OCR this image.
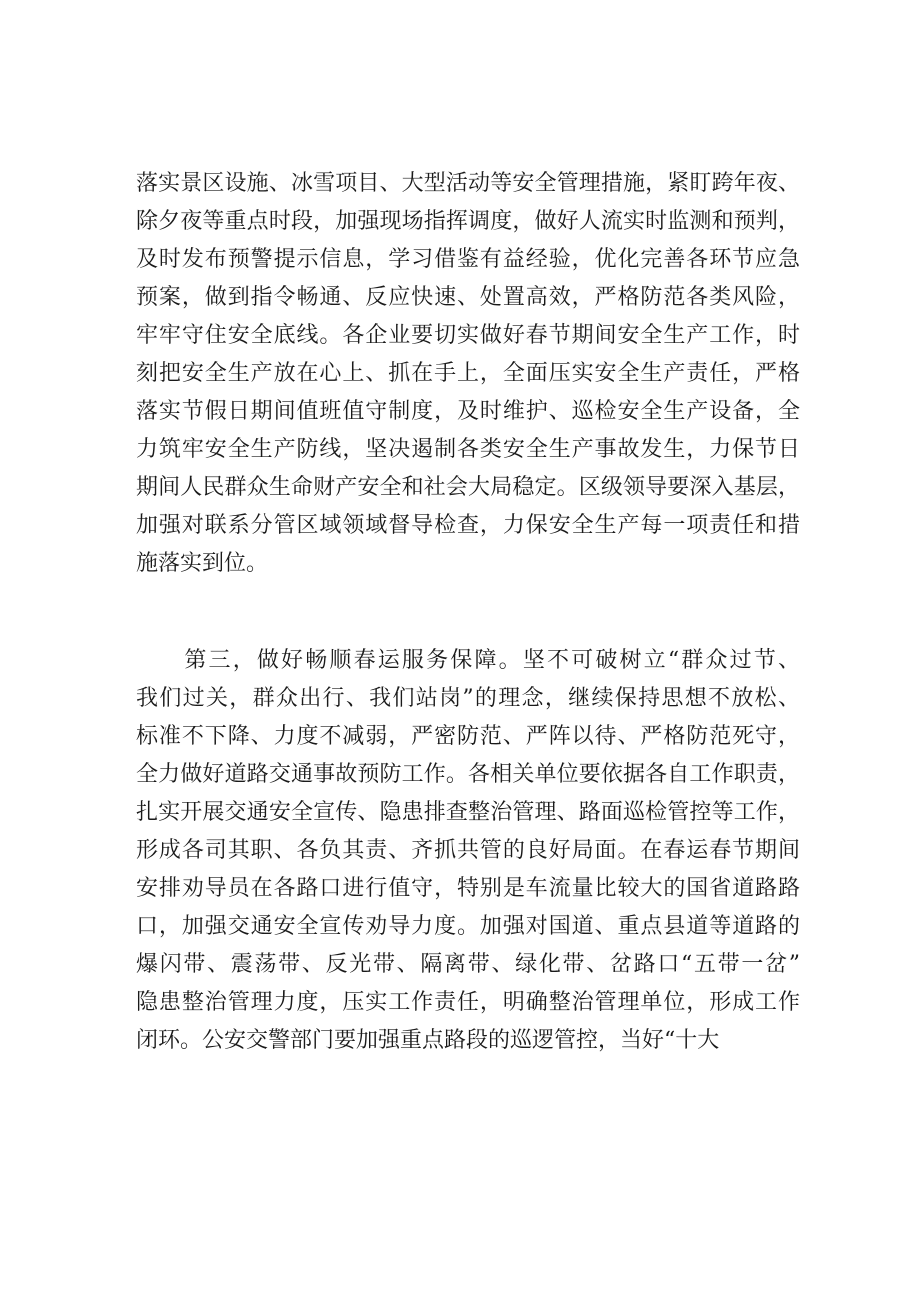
落实景区设施、冰雪项目、大型活动等安全管理措施，紧盯跨年夜、
除夕夜等重点时段，加强现场指挥调度，做好人流实时监测和预判，
及时发布预警提示信息，学习借鉴有益经验，优化完善各环节应急
预案，做到指令畅通、反应快速、处置高效，严格防范各类风险，
牢牢守住安全底线。各企业要切实做好春节期间安全生产工作，时
刻把安全生产放在心上、抓在手上，全面压实安全生产责任，严格
落实节假日期间值班值守制度，及时维护、巡检安全生产设备，全
力筑牢安全生产防线，坚决遏制各类安全生产事故发生，力保节日
期间人民群众生命财产安全和社会大局稳定。区级领导要深入基层，
加强对联系分管区域领域督导检查，力保安全生产每一项责任和措
施落实到位。
　　第三，做好畅顺春运服务保障。坚不可破树立“群众过节、
我们过关，群众出行、我们站岗”的理念，继续保持思想不放松、
标准不下降、力度不减弱，严密防范、严阵以待、严格防范死守，
全力做好道路交通事故预防工作。各相关单位要依据各自工作职责，
扎实开展交通安全宣传、隐患排查整治管理、路面巡检管控等工作，
形成各司其职、各负其责、齐抓共管的良好局面。在春运春节期间
安排劝导员在各路口进行值守，特别是车流量比较大的国省道路路
口，加强交通安全宣传劝导力度。加强对国道、重点县道等道路的
爆闪带、震荡带、反光带、隔离带、绿化带、岔路口“五带一岔”
隐患整治管理力度，压实工作责任，明确整治管理单位，形成工作
闭环。公安交警部门要加强重点路段的巡逻管控，当好“十大
